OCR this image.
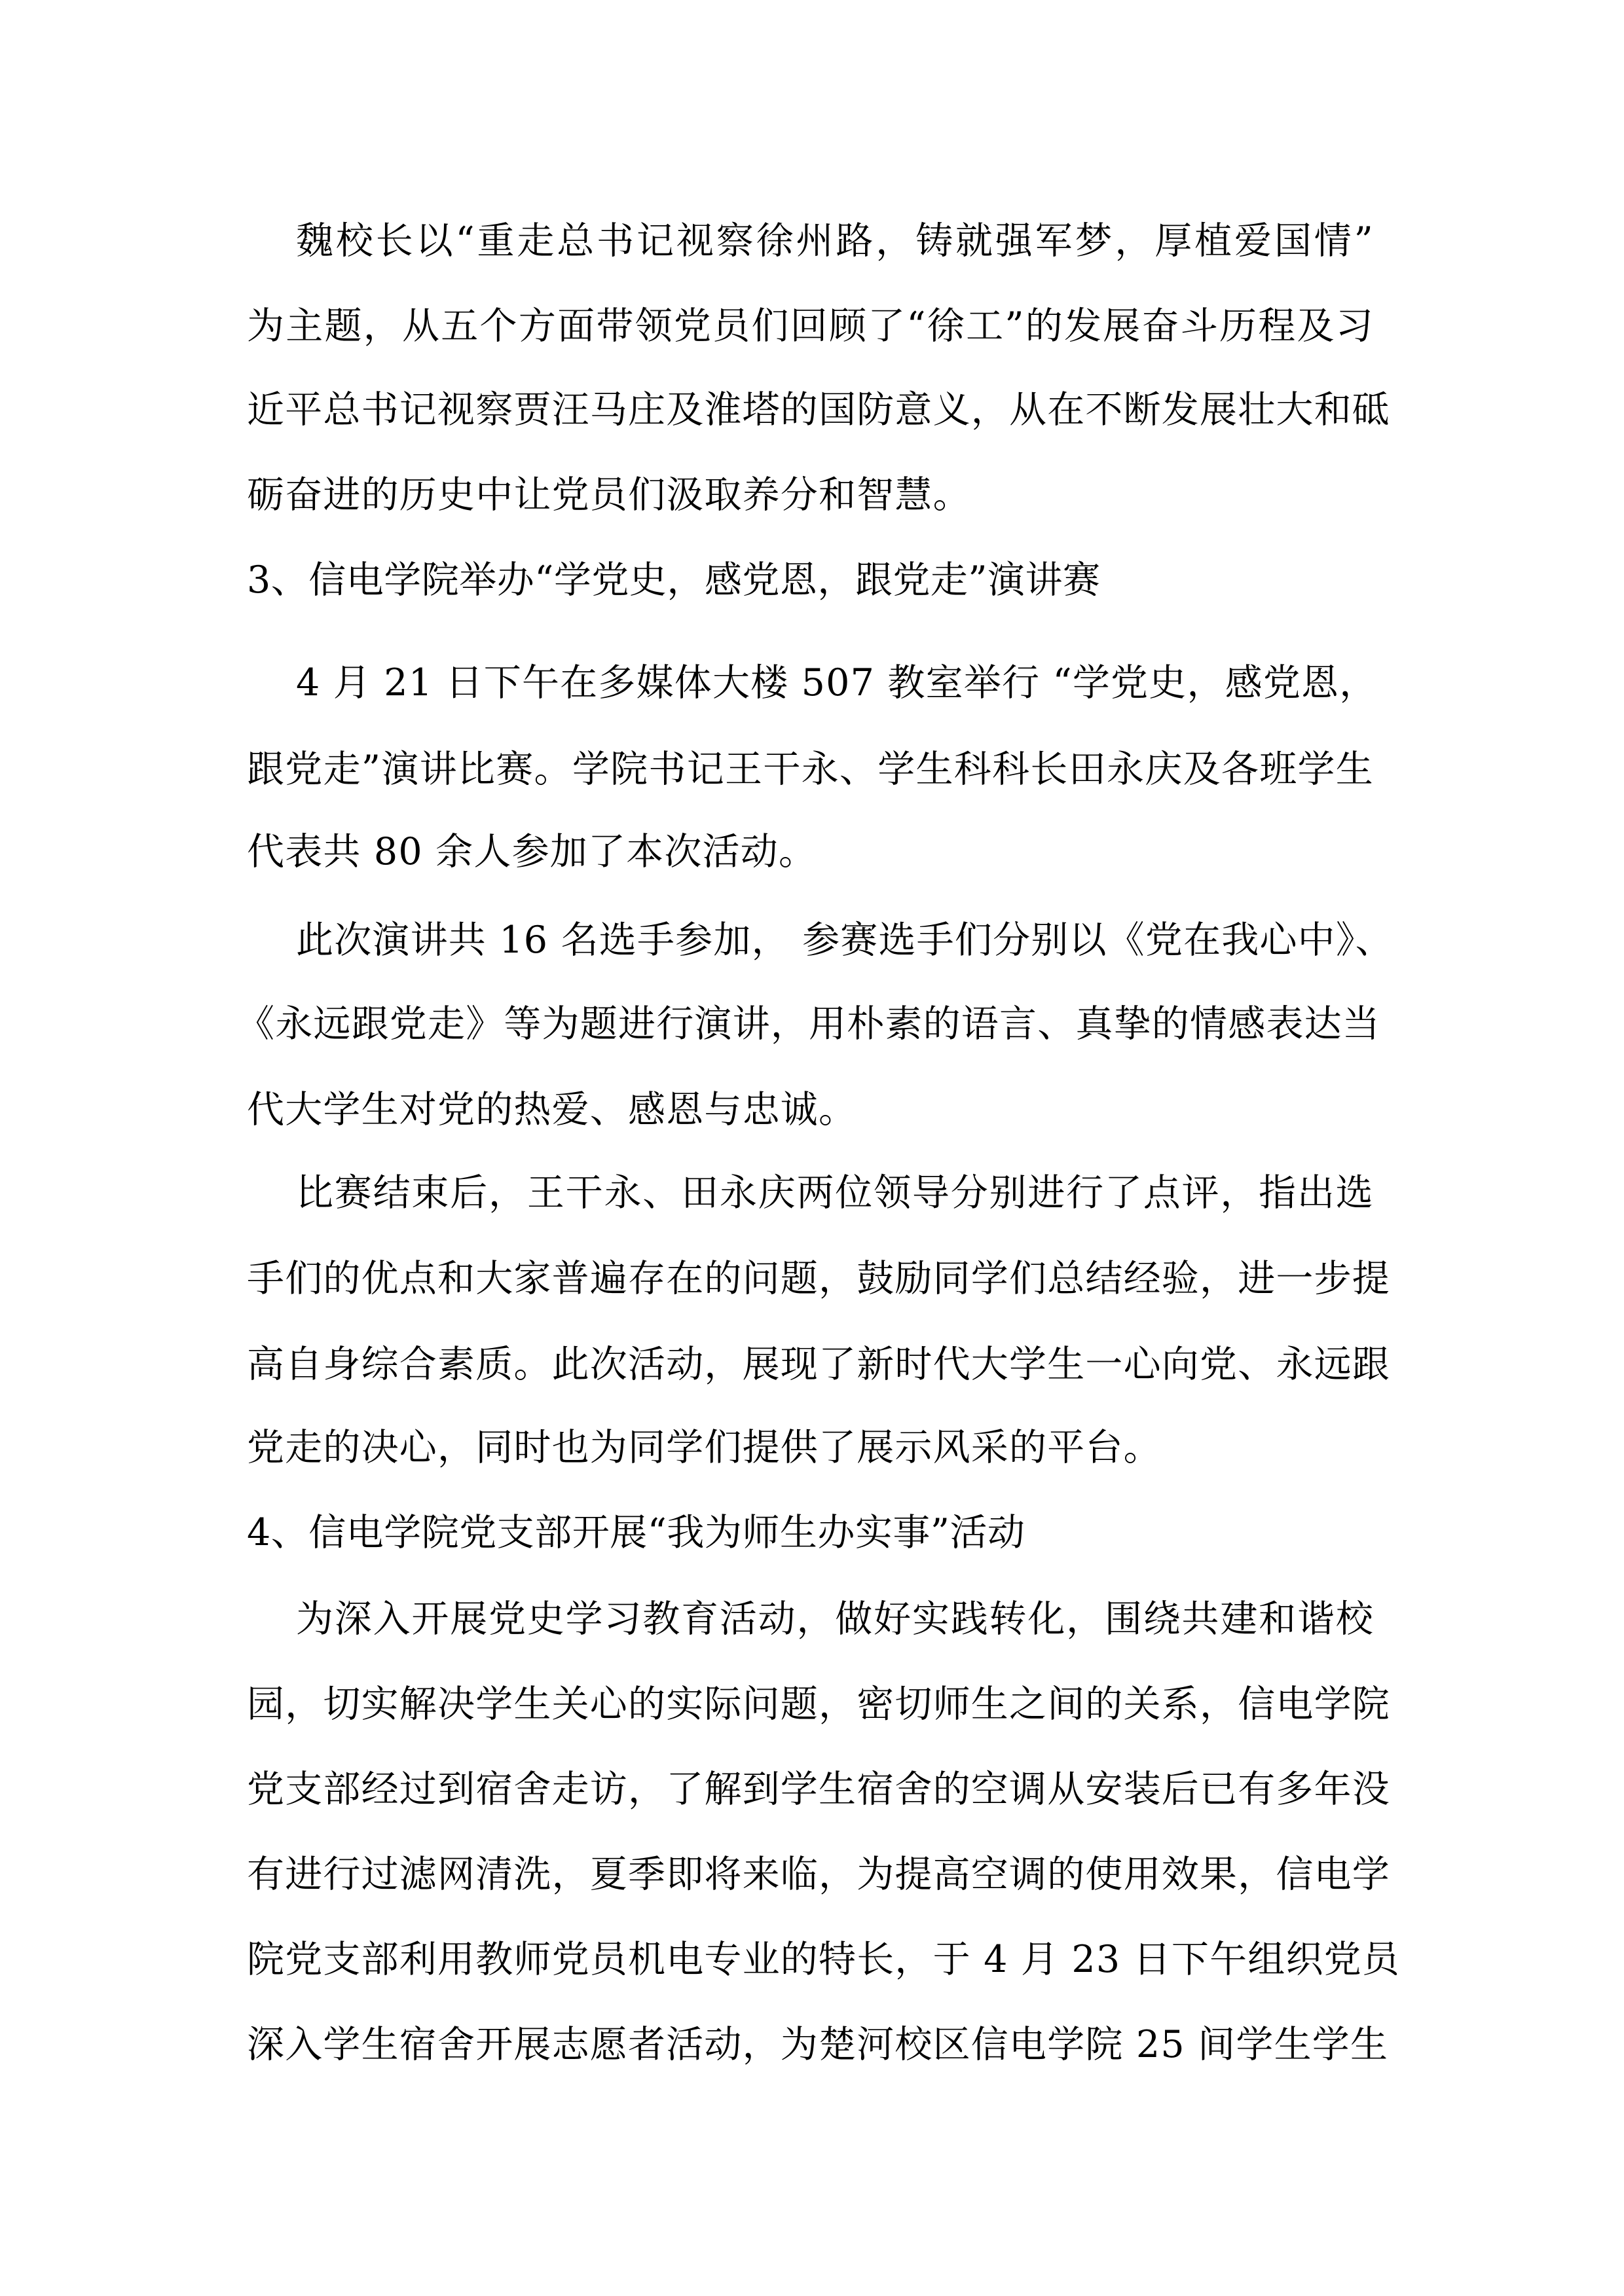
魏校长以“重走总书记视察徐州路，铸就强军梦，厚植爱国情”
为主题，从五个方面带领党员们回顾了“徐工”的发展奋斗历程及习
近平总书记视察贾汪马庄及淮塔的国防意义，从在不断发展壮大和砥
砺奋进的历史中让党员们汲取养分和智慧。
3、信电学院举办“学党史，感党恩，跟党走”演讲赛
4 月 21 日下午在多媒体大楼 507 教室举行 “学党史，感党恩，
跟党走”演讲比赛。学院书记王干永、学生科科长田永庆及各班学生
代表共 80 余人参加了本次活动。
此次演讲共 16 名选手参加， 参赛选手们分别以《党在我心中》、
《永远跟党走》等为题进行演讲，用朴素的语言、真挚的情感表达当
代大学生对党的热爱、感恩与忠诚。
比赛结束后，王干永、田永庆两位领导分别进行了点评，指出选
手们的优点和大家普遍存在的问题，鼓励同学们总结经验，进一步提
高自身综合素质。此次活动，展现了新时代大学生一心向党、永远跟
党走的决心，同时也为同学们提供了展示风采的平台。
4、信电学院党支部开展“我为师生办实事”活动
为深入开展党史学习教育活动，做好实践转化，围绕共建和谐校
园，切实解决学生关心的实际问题，密切师生之间的关系，信电学院
党支部经过到宿舍走访，了解到学生宿舍的空调从安装后已有多年没
有进行过滤网清洗，夏季即将来临，为提高空调的使用效果，信电学
院党支部利用教师党员机电专业的特长，于 4 月 23 日下午组织党员
深入学生宿舍开展志愿者活动，为楚河校区信电学院 25 间学生学生
